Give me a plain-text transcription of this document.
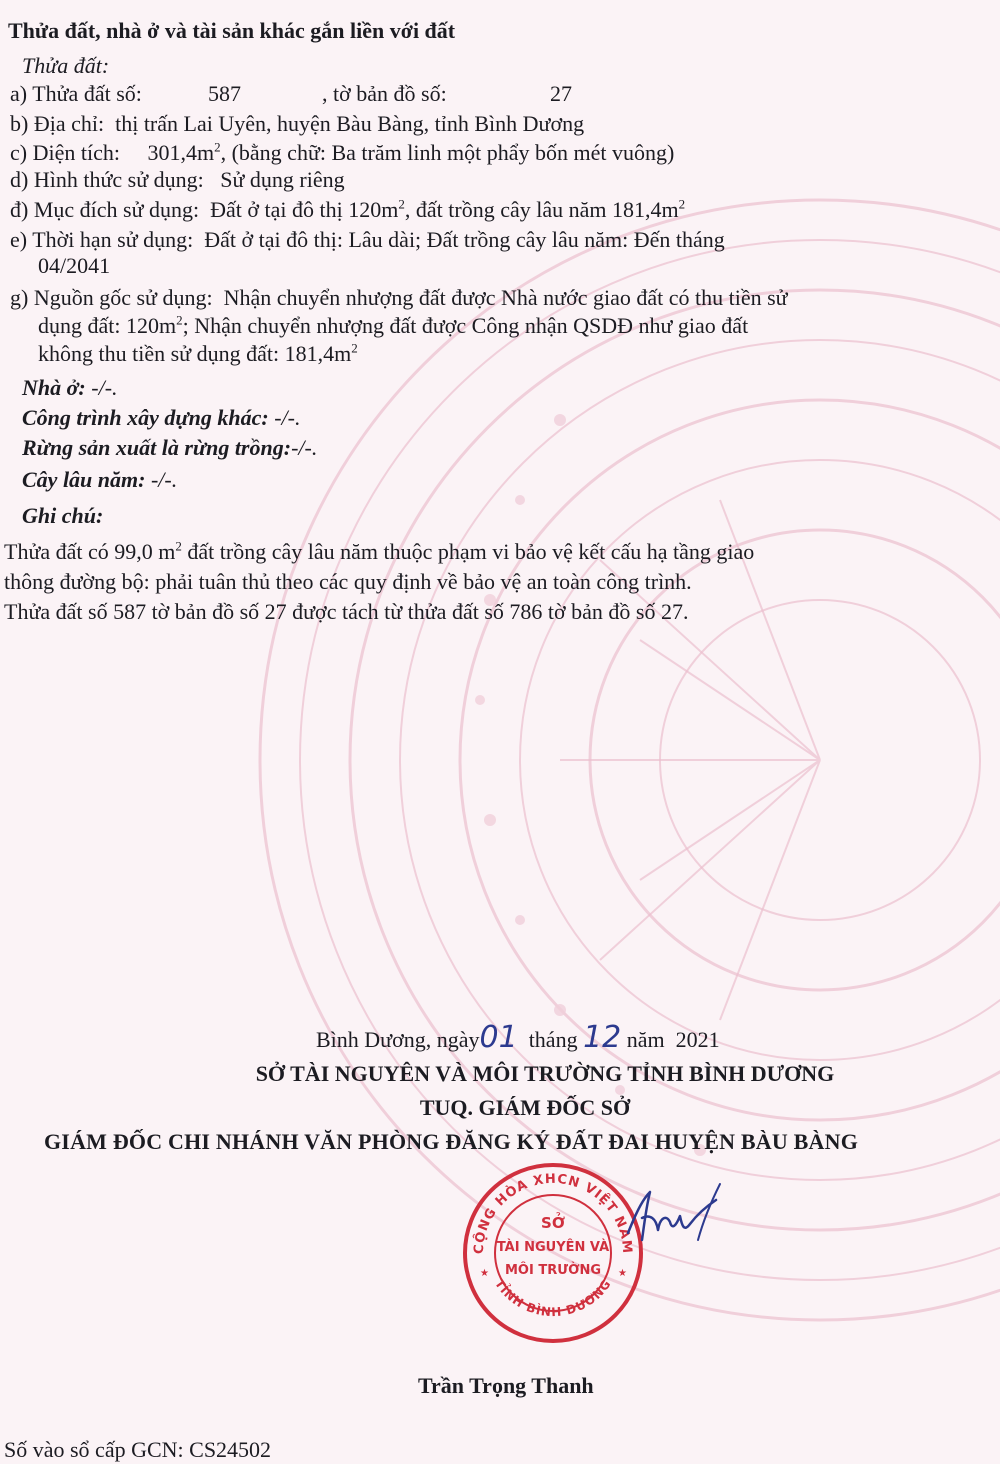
Thửa đất, nhà ở và tài sản khác gắn liền với đất
Thửa đất:
a) Thửa đất số:	587	, tờ bản đồ số:	27
b) Địa chỉ: thị trấn Lai Uyên, huyện Bàu Bàng, tỉnh Bình Dương
c) Diện tích: $301,4m^2$, (bằng chữ: Ba trăm linh một phẩy bốn mét vuông)
d) Hình thức sử dụng: Sử dụng riêng
đ) Mục đích sử dụng: Đất ở tại đô thị $120m^2$, đất trồng cây lâu năm $181,4m^2$
e) Thời hạn sử dụng: Đất ở tại đô thị: Lâu dài; Đất trồng cây lâu năm: Đến tháng
04/2041
g) Nguồn gốc sử dụng: Nhận chuyển nhượng đất được Nhà nước giao đất có thu tiền sử
dụng đất: $120m^2$; Nhận chuyển nhượng đất được Công nhận QSDĐ như giao đất
không thu tiền sử dụng đất: $181,4m^2$
Nhà ở: -/-.
Công trình xây dựng khác: -/-.
Rừng sản xuất là rừng trồng:-/-.
Cây lâu năm: -/-.
Ghi chú:
Thửa đất có 99,0 $m^2$ đất trồng cây lâu năm thuộc phạm vi bảo vệ kết cấu hạ tầng giao
thông đường bộ: phải tuân thủ theo các quy định về bảo vệ an toàn công trình.
Thửa đất số 587 tờ bản đồ số 27 được tách từ thửa đất số 786 tờ bản đồ số 27.
Bình Dương, ngày01 tháng 12 năm 2021
SỞ TÀI NGUYÊN VÀ MÔI TRƯỜNG TỈNH BÌNH DƯƠNG
TUQ. GIÁM ĐỐC SỞ
GIÁM ĐỐC CHI NHÁNH VĂN PHÒNG ĐĂNG KÝ ĐẤT ĐAI HUYỆN BÀU BÀNG
Trần Trọng Thanh
Số vào sổ cấp GCN: CS24502
CỘNG HÒA XHCN VIỆT NAM
TỈNH BÌNH DƯƠNG
SỞ
TÀI NGUYÊN VÀ
MÔI TRƯỜNG
★	★
